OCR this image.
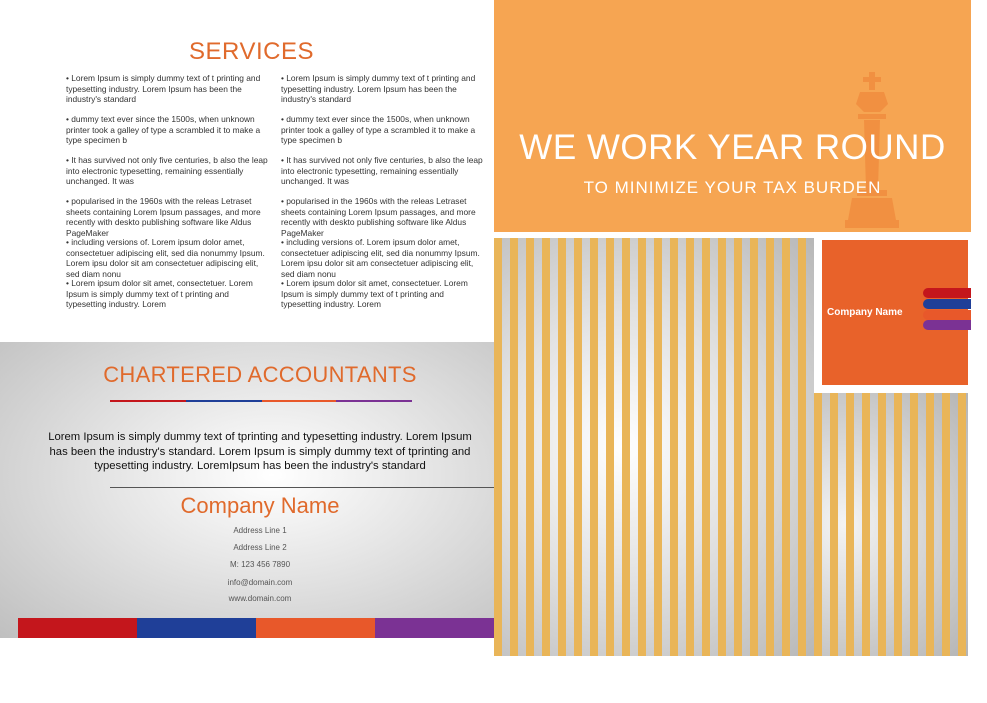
SERVICES

• Lorem Ipsum is simply dummy text of t printing and typesetting industry. Lorem Ipsum has been the industry's standard

• dummy text ever since the 1500s, when unknown printer took a galley of type a scrambled it to make a type specimen b

• It has survived not only five centuries, b also the leap into electronic typesetting, remaining essentially unchanged. It was

• popularised in the 1960s with the releas Letraset sheets containing Lorem Ipsum passages, and more recently with deskto publishing software like Aldus PageMaker

• including versions of. Lorem ipsum dolor amet, consectetuer adipiscing elit, sed dia nonummy Ipsum. Lorem ipsu dolor sit am consectetuer adipiscing elit, sed diam nonu

• Lorem ipsum dolor sit amet, consectetuer. Lorem Ipsum is simply dummy text of t printing and typesetting industry. Lorem

• Lorem Ipsum is simply dummy text of t printing and typesetting industry. Lorem Ipsum has been the industry's standard

• dummy text ever since the 1500s, when unknown printer took a galley of type a scrambled it to make a type specimen b

• It has survived not only five centuries, b also the leap into electronic typesetting, remaining essentially unchanged. It was

• popularised in the 1960s with the releas Letraset sheets containing Lorem Ipsum passages, and more recently with deskto publishing software like Aldus PageMaker

• including versions of. Lorem ipsum dolor amet, consectetuer adipiscing elit, sed dia nonummy Ipsum. Lorem ipsu dolor sit am consectetuer adipiscing elit, sed diam nonu

• Lorem ipsum dolor sit amet, consectetuer. Lorem Ipsum is simply dummy text of t printing and typesetting industry. Lorem

CHARTERED ACCOUNTANTS
Lorem Ipsum is simply dummy text of tprinting and typesetting industry. Lorem Ipsum has been the industry's standard. Lorem Ipsum is simply dummy text of tprinting and typesetting industry. LoremIpsum has been the industry's standard
Company Name
Address Line 1
Address Line 2
M: 123 456 7890
info@domain.com
www.domain.com
WE WORK YEAR ROUND
TO MINIMIZE YOUR TAX BURDEN
Company Name
